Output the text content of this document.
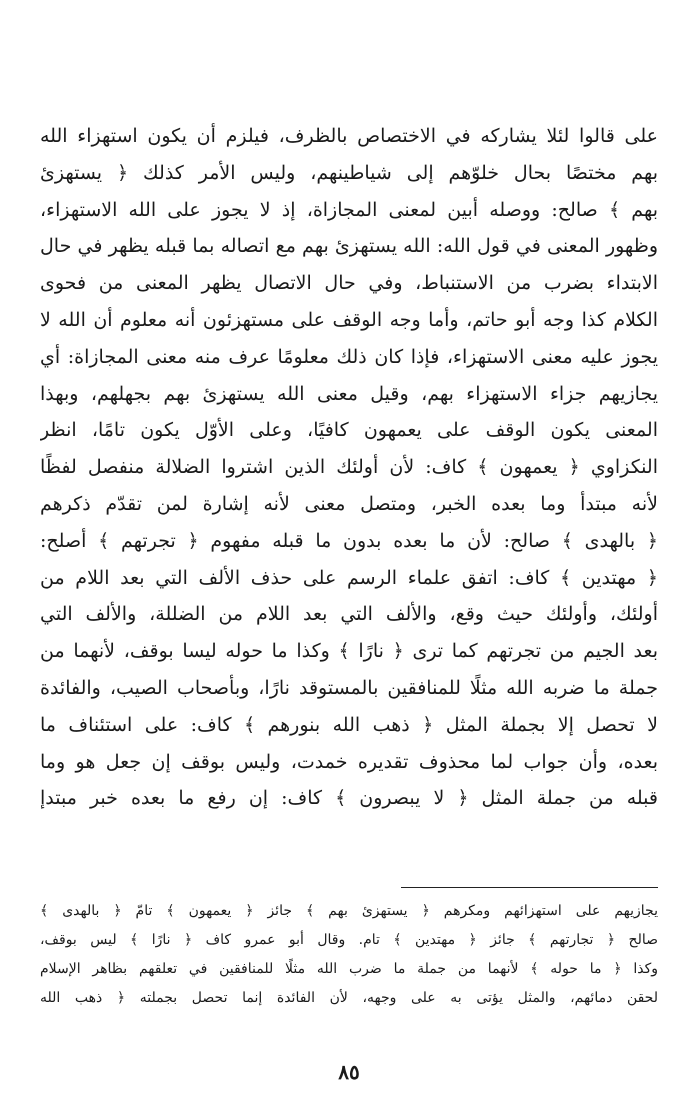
على قالوا لئلا يشاركه في الاختصاص بالظرف، فيلزم أن يكون استهزاء الله
بهم مختصًا بحال خلوّهم إلى شياطينهم، وليس الأمر كذلك ﴿ يستهزئ
بهم ﴾ صالح: ووصله أبين لمعنى المجازاة، إذ لا يجوز على الله الاستهزاء،
وظهور المعنى في قول الله: الله يستهزئ بهم مع اتصاله بما قبله يظهر في حال
الابتداء بضرب من الاستنباط، وفي حال الاتصال يظهر المعنى من فحوى
الكلام كذا وجه أبو حاتم، وأما وجه الوقف على مستهزئون أنه معلوم أن الله لا
يجوز عليه معنى الاستهزاء، فإذا كان ذلك معلومًا عرف منه معنى المجازاة: أي
يجازيهم جزاء الاستهزاء بهم، وقيل معنى الله يستهزئ بهم بجهلهم، وبهذا
المعنى يكون الوقف على يعمهون كافيًا، وعلى الأوّل يكون تامًا، انظر
النكزاوي ﴿ يعمهون ﴾ كاف: لأن أولئك الذين اشتروا الضلالة منفصل لفظًا
لأنه مبتدأ وما بعده الخبر، ومتصل معنى لأنه إشارة لمن تقدّم ذكرهم
﴿ بالهدى ﴾ صالح: لأن ما بعده بدون ما قبله مفهوم ﴿ تجرتهم ﴾ أصلح:
﴿ مهتدين ﴾ كاف: اتفق علماء الرسم على حذف الألف التي بعد اللام من
أولئك، وأولئك حيث وقع، والألف التي بعد اللام من الضللة، والألف التي
بعد الجيم من تجرتهم كما ترى ﴿ نارًا ﴾ وكذا ما حوله ليسا بوقف، لأنهما من
جملة ما ضربه الله مثلًا للمنافقين بالمستوقد نارًا، وبأصحاب الصيب، والفائدة
لا تحصل إلا بجملة المثل ﴿ ذهب الله بنورهم ﴾ كاف: على استئناف ما
بعده، وأن جواب لما محذوف تقديره خمدت، وليس بوقف إن جعل هو وما
قبله من جملة المثل ﴿ لا يبصرون ﴾ كاف: إن رفع ما بعده خبر مبتدإ
يجازيهم على استهزائهم ومكرهم ﴿ يستهزئ بهم ﴾ جائز ﴿ يعمهون ﴾ تامّ ﴿ بالهدى ﴾
صالح ﴿ تجارتهم ﴾ جائز ﴿ مهتدين ﴾ تام. وقال أبو عمرو كاف ﴿ نارًا ﴾ ليس بوقف،
وكذا ﴿ ما حوله ﴾ لأنهما من جملة ما ضرب الله مثلًا للمنافقين في تعلقهم بظاهر الإسلام
لحقن دمائهم، والمثل يؤتى به على وجهه، لأن الفائدة إنما تحصل بجملته ﴿ ذهب الله
٨٥
